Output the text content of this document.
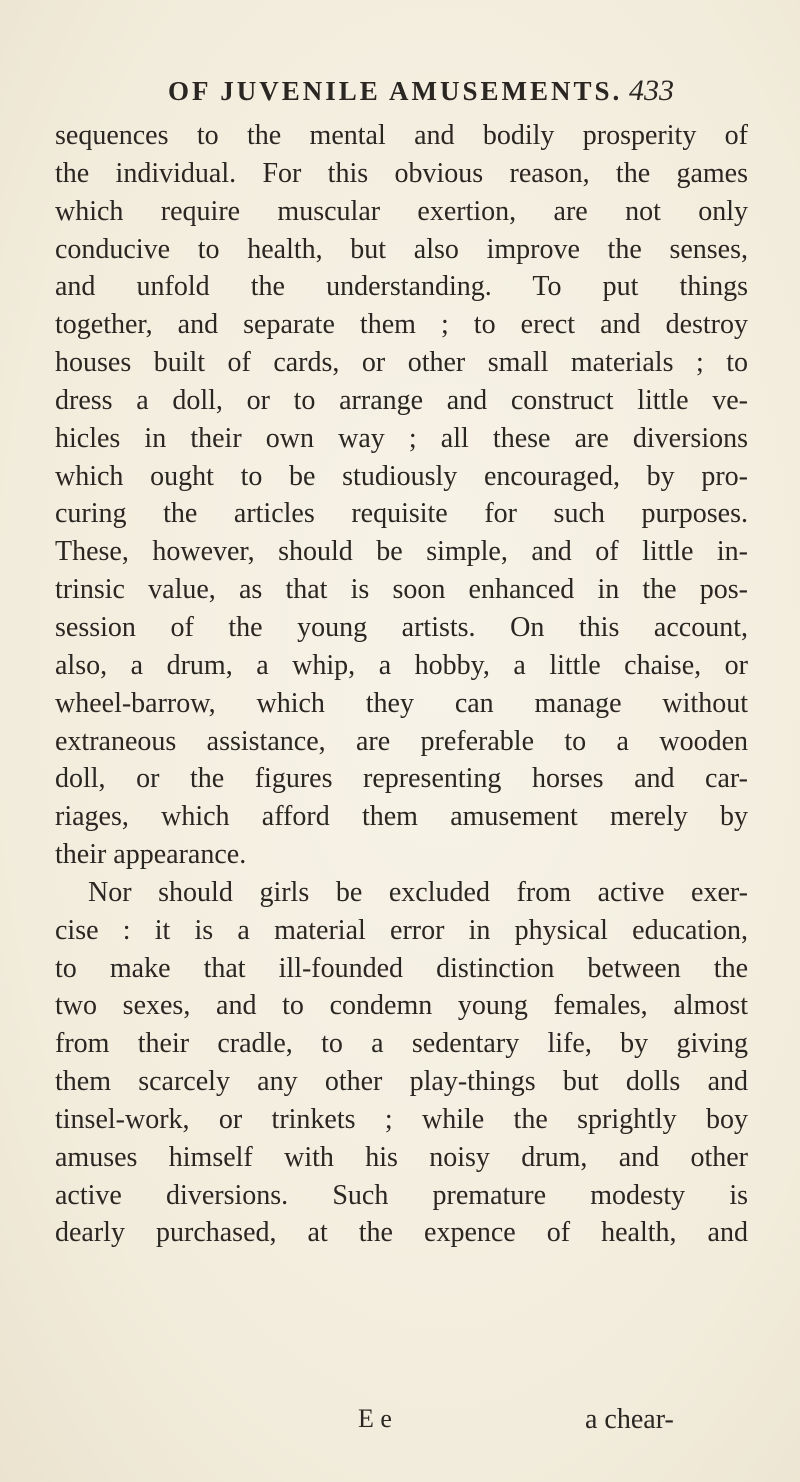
OF JUVENILE AMUSEMENTS. 433
sequences to the mental and bodily prosperity of
the individual. For this obvious reason, the games
which require muscular exertion, are not only
conducive to health, but also improve the senses,
and unfold the understanding. To put things
together, and separate them ; to erect and destroy
houses built of cards, or other small materials ; to
dress a doll, or to arrange and construct little ve-
hicles in their own way ; all these are diversions
which ought to be studiously encouraged, by pro-
curing the articles requisite for such purposes.
These, however, should be simple, and of little in-
trinsic value, as that is soon enhanced in the pos-
session of the young artists. On this account,
also, a drum, a whip, a hobby, a little chaise, or
wheel-barrow, which they can manage without
extraneous assistance, are preferable to a wooden
doll, or the figures representing horses and car-
riages, which afford them amusement merely by
their appearance.
Nor should girls be excluded from active exer-
cise : it is a material error in physical education,
to make that ill-founded distinction between the
two sexes, and to condemn young females, almost
from their cradle, to a sedentary life, by giving
them scarcely any other play-things but dolls and
tinsel-work, or trinkets ; while the sprightly boy
amuses himself with his noisy drum, and other
active diversions. Such premature modesty is
dearly purchased, at the expence of health, and
E e	a chear-
